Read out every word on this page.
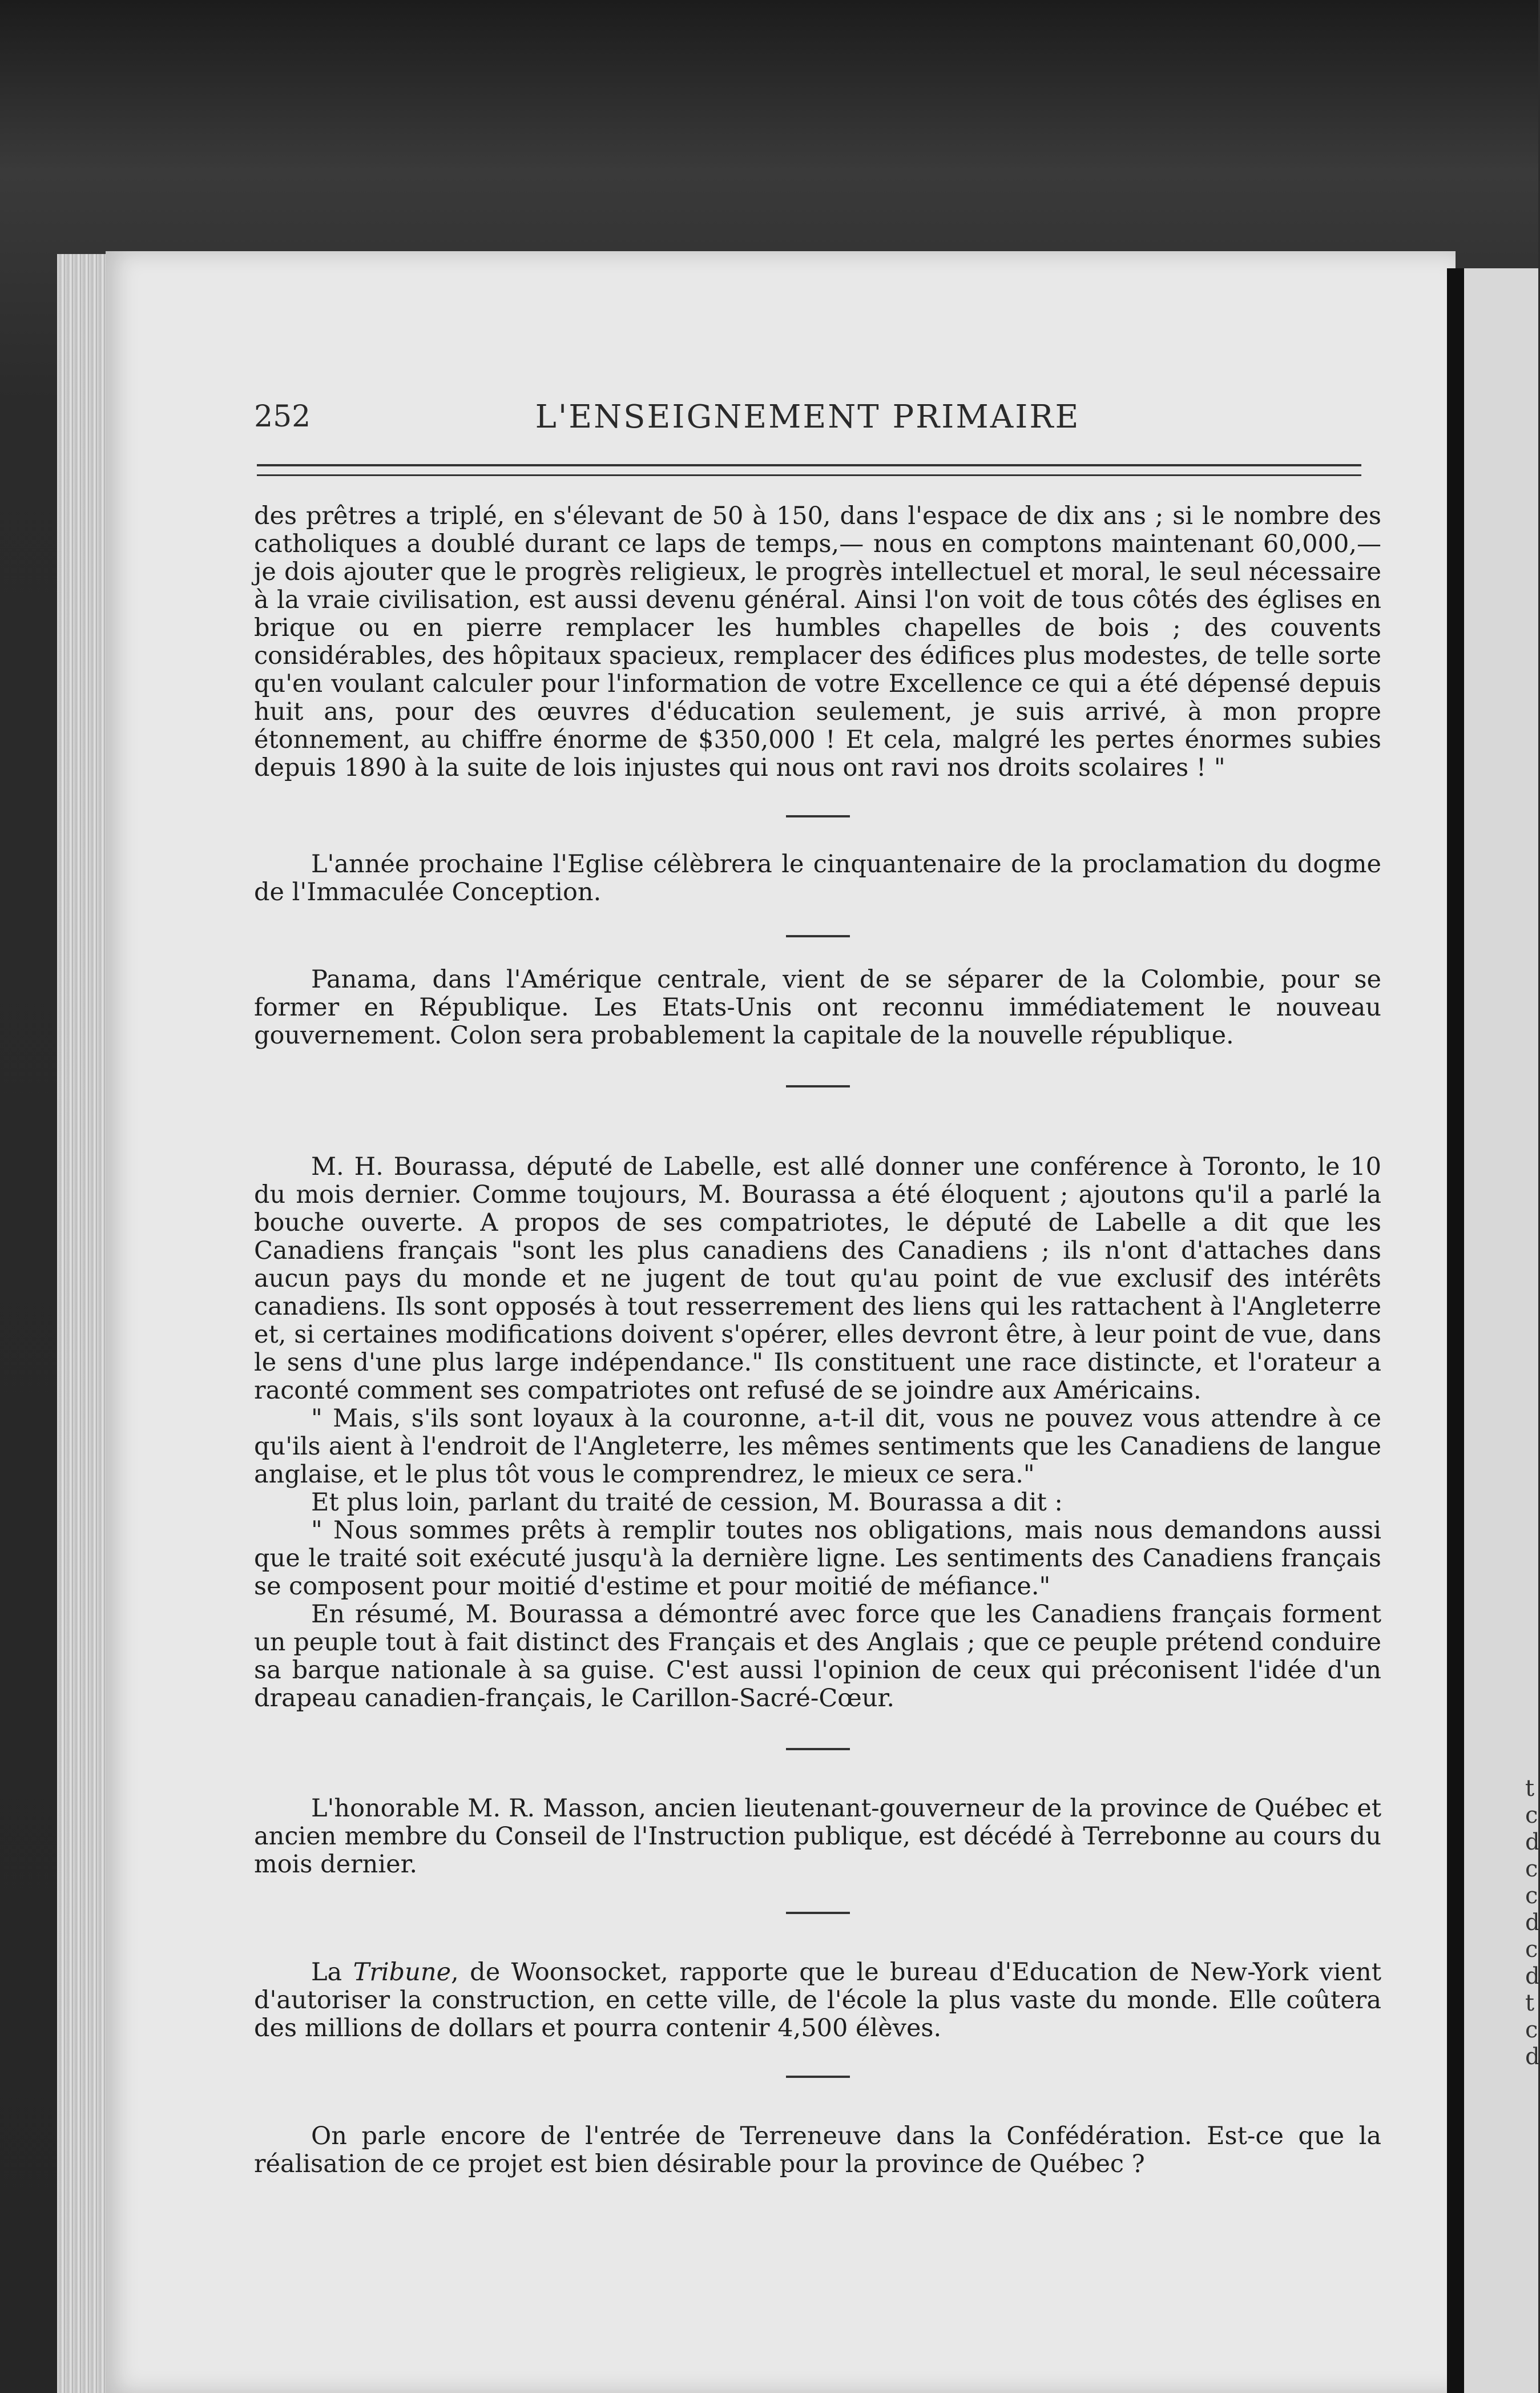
t
c
d
c
c
d
c
d
t
c
d
252	L'ENSEIGNEMENT PRIMAIRE

des prêtres a triplé, en s'élevant de 50 à 150, dans l'espace de dix ans ; si le nombre des catholiques a doublé durant ce laps de temps,— nous en comptons maintenant 60,000,— je dois ajouter que le progrès religieux, le progrès intellectuel et moral, le seul nécessaire à la vraie civilisation, est aussi devenu général. Ainsi l'on voit de tous côtés des églises en brique ou en pierre remplacer les humbles chapelles de bois ; des couvents considérables, des hôpitaux spacieux, remplacer des édifices plus modestes, de telle sorte qu'en voulant calculer pour l'information de votre Excellence ce qui a été dépensé depuis huit ans, pour des œuvres d'éducation seulement, je suis arrivé, à mon propre étonnement, au chiffre énorme de $350,000 ! Et cela, malgré les pertes énormes subies depuis 1890 à la suite de lois injustes qui nous ont ravi nos droits scolaires ! "

L'année prochaine l'Eglise célèbrera le cinquantenaire de la proclamation du dogme de l'Immaculée Conception.

Panama, dans l'Amérique centrale, vient de se séparer de la Colombie, pour se former en République. Les Etats-Unis ont reconnu immédiatement le nouveau gouvernement. Colon sera probablement la capitale de la nouvelle république.

M. H. Bourassa, député de Labelle, est allé donner une conférence à Toronto, le 10 du mois dernier. Comme toujours, M. Bourassa a été éloquent ; ajoutons qu'il a parlé la bouche ouverte. A propos de ses compatriotes, le député de Labelle a dit que les Canadiens français "sont les plus canadiens des Canadiens ; ils n'ont d'attaches dans aucun pays du monde et ne jugent de tout qu'au point de vue exclusif des intérêts canadiens. Ils sont opposés à tout resserrement des liens qui les rattachent à l'Angleterre et, si certaines modifications doivent s'opérer, elles devront être, à leur point de vue, dans le sens d'une plus large indépendance." Ils constituent une race distincte, et l'orateur a raconté comment ses compatriotes ont refusé de se joindre aux Américains.

" Mais, s'ils sont loyaux à la couronne, a-t-il dit, vous ne pouvez vous attendre à ce qu'ils aient à l'endroit de l'Angleterre, les mêmes sentiments que les Canadiens de langue anglaise, et le plus tôt vous le comprendrez, le mieux ce sera."

Et plus loin, parlant du traité de cession, M. Bourassa a dit :

" Nous sommes prêts à remplir toutes nos obligations, mais nous demandons aussi que le traité soit exécuté jusqu'à la dernière ligne. Les sentiments des Canadiens français se composent pour moitié d'estime et pour moitié de méfiance."

En résumé, M. Bourassa a démontré avec force que les Canadiens français forment un peuple tout à fait distinct des Français et des Anglais ; que ce peuple prétend conduire sa barque nationale à sa guise. C'est aussi l'opinion de ceux qui préconisent l'idée d'un drapeau canadien-français, le Carillon-Sacré-Cœur.

L'honorable M. R. Masson, ancien lieutenant-gouverneur de la province de Québec et ancien membre du Conseil de l'Instruction publique, est décédé à Terrebonne au cours du mois dernier.

La Tribune, de Woonsocket, rapporte que le bureau d'Education de New-York vient d'autoriser la construction, en cette ville, de l'école la plus vaste du monde. Elle coûtera des millions de dollars et pourra contenir 4,500 élèves.

On parle encore de l'entrée de Terreneuve dans la Confédération. Est-ce que la réalisation de ce projet est bien désirable pour la province de Québec ?
